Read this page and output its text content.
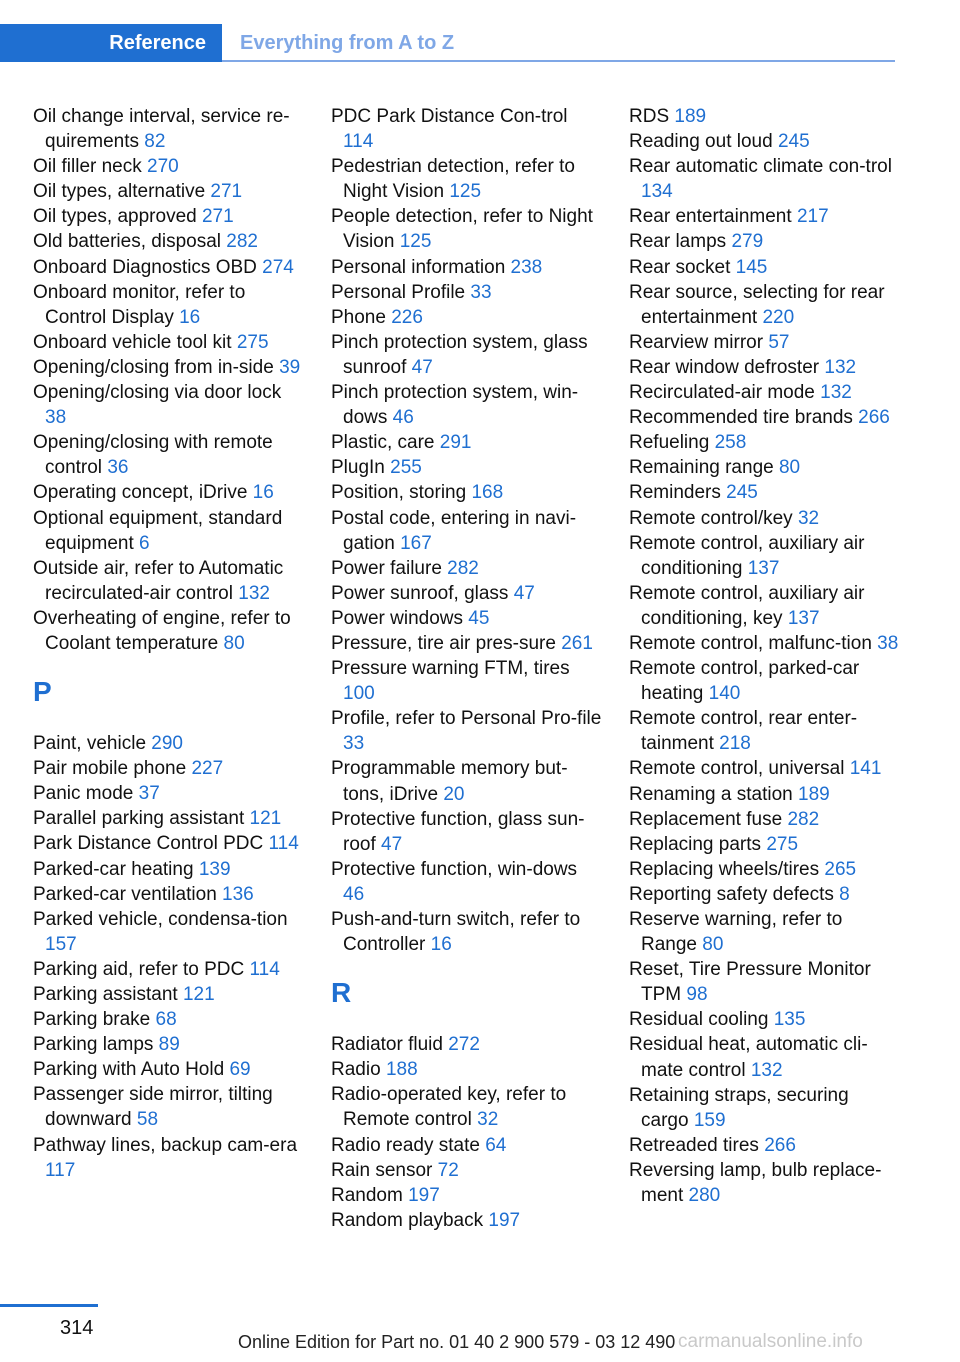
Reference Everything from A to Z
Oil change interval, service re-quirements 82
Oil filler neck 270
Oil types, alternative 271
Oil types, approved 271
Old batteries, disposal 282
Onboard Diagnostics OBD 274
Onboard monitor, refer to Control Display 16
Onboard vehicle tool kit 275
Opening/closing from in-side 39
Opening/closing via door lock 38
Opening/closing with remote control 36
Operating concept, iDrive 16
Optional equipment, standard equipment 6
Outside air, refer to Automatic recirculated-air control 132
Overheating of engine, refer to Coolant temperature 80
P
Paint, vehicle 290
Pair mobile phone 227
Panic mode 37
Parallel parking assistant 121
Park Distance Control PDC 114
Parked-car heating 139
Parked-car ventilation 136
Parked vehicle, condensa-tion 157
Parking aid, refer to PDC 114
Parking assistant 121
Parking brake 68
Parking lamps 89
Parking with Auto Hold 69
Passenger side mirror, tilting downward 58
Pathway lines, backup cam-era 117
PDC Park Distance Con-trol 114
Pedestrian detection, refer to Night Vision 125
People detection, refer to Night Vision 125
Personal information 238
Personal Profile 33
Phone 226
Pinch protection system, glass sunroof 47
Pinch protection system, win-dows 46
Plastic, care 291
PlugIn 255
Position, storing 168
Postal code, entering in navi-gation 167
Power failure 282
Power sunroof, glass 47
Power windows 45
Pressure, tire air pres-sure 261
Pressure warning FTM, tires 100
Profile, refer to Personal Pro-file 33
Programmable memory but-tons, iDrive 20
Protective function, glass sun-roof 47
Protective function, win-dows 46
Push-and-turn switch, refer to Controller 16
R
Radiator fluid 272
Radio 188
Radio-operated key, refer to Remote control 32
Radio ready state 64
Rain sensor 72
Random 197
Random playback 197
RDS 189
Reading out loud 245
Rear automatic climate con-trol 134
Rear entertainment 217
Rear lamps 279
Rear socket 145
Rear source, selecting for rear entertainment 220
Rearview mirror 57
Rear window defroster 132
Recirculated-air mode 132
Recommended tire brands 266
Refueling 258
Remaining range 80
Reminders 245
Remote control/key 32
Remote control, auxiliary air conditioning 137
Remote control, auxiliary air conditioning, key 137
Remote control, malfunc-tion 38
Remote control, parked-car heating 140
Remote control, rear enter-tainment 218
Remote control, universal 141
Renaming a station 189
Replacement fuse 282
Replacing parts 275
Replacing wheels/tires 265
Reporting safety defects 8
Reserve warning, refer to Range 80
Reset, Tire Pressure Monitor TPM 98
Residual cooling 135
Residual heat, automatic cli-mate control 132
Retaining straps, securing cargo 159
Retreaded tires 266
Reversing lamp, bulb replace-ment 280
314
Online Edition for Part no. 01 40 2 900 579 - 03 12 490 carmanualsonline.info
